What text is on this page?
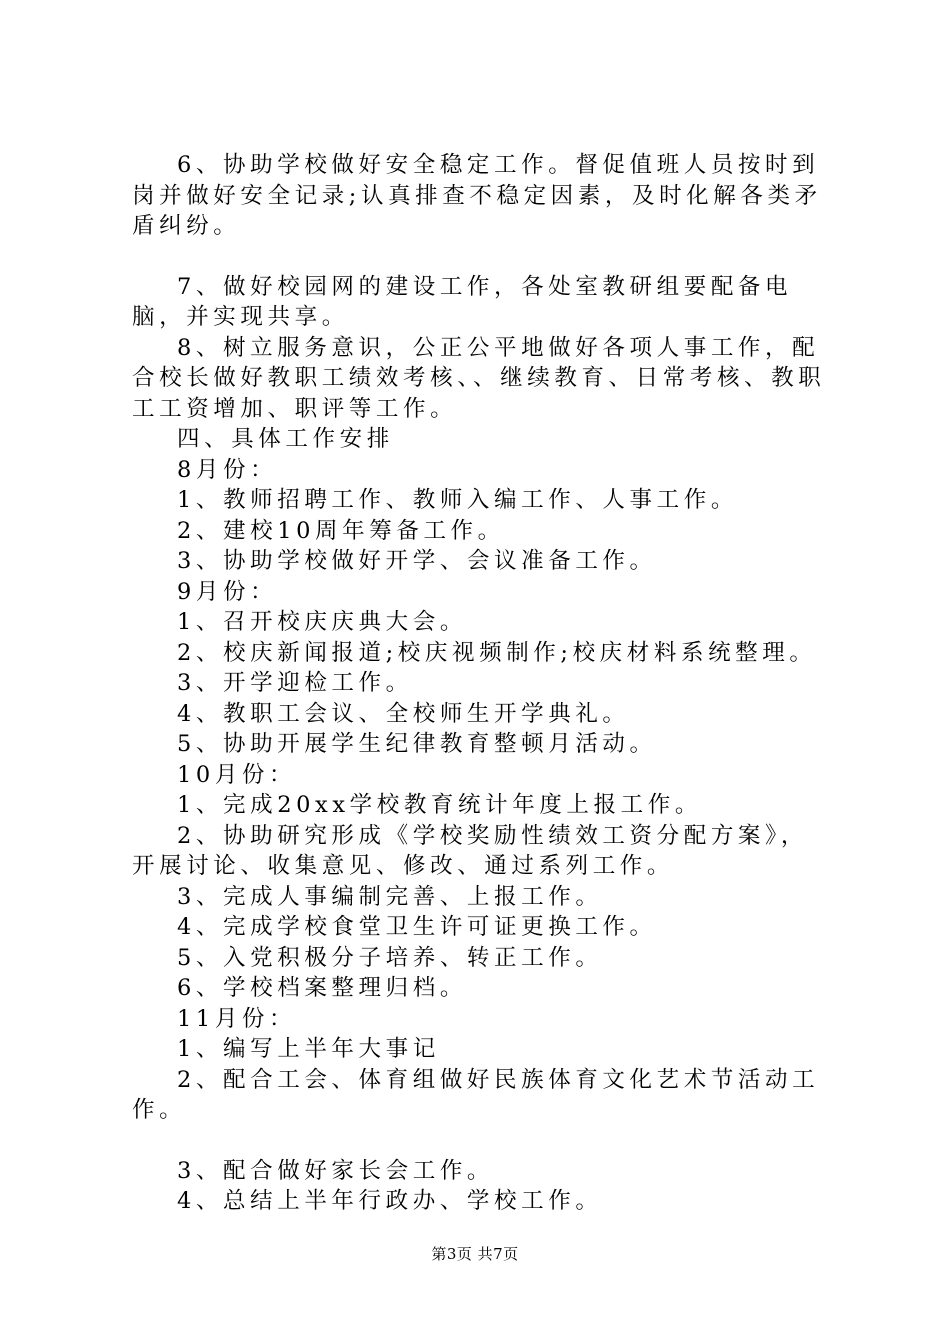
6、协助学校做好安全稳定工作。督促值班人员按时到岗并做好安全记录;认真排查不稳定因素，及时化解各类矛盾纠纷。

7、做好校园网的建设工作，各处室教研组要配备电脑，并实现共享。

8、树立服务意识，公正公平地做好各项人事工作，配合校长做好教职工绩效考核、、继续教育、日常考核、教职工工资增加、职评等工作。

四、具体工作安排

8月份：

1、教师招聘工作、教师入编工作、人事工作。

2、建校10周年筹备工作。

3、协助学校做好开学、会议准备工作。

9月份：

1、召开校庆庆典大会。

2、校庆新闻报道;校庆视频制作;校庆材料系统整理。

3、开学迎检工作。

4、教职工会议、全校师生开学典礼。

5、协助开展学生纪律教育整顿月活动。

10月份：

1、完成20xx学校教育统计年度上报工作。

2、协助研究形成《学校奖励性绩效工资分配方案》，开展讨论、收集意见、修改、通过系列工作。

3、完成人事编制完善、上报工作。

4、完成学校食堂卫生许可证更换工作。

5、入党积极分子培养、转正工作。

6、学校档案整理归档。

11月份：

1、编写上半年大事记

2、配合工会、体育组做好民族体育文化艺术节活动工作。

3、配合做好家长会工作。

4、总结上半年行政办、学校工作。

第3页 共7页
